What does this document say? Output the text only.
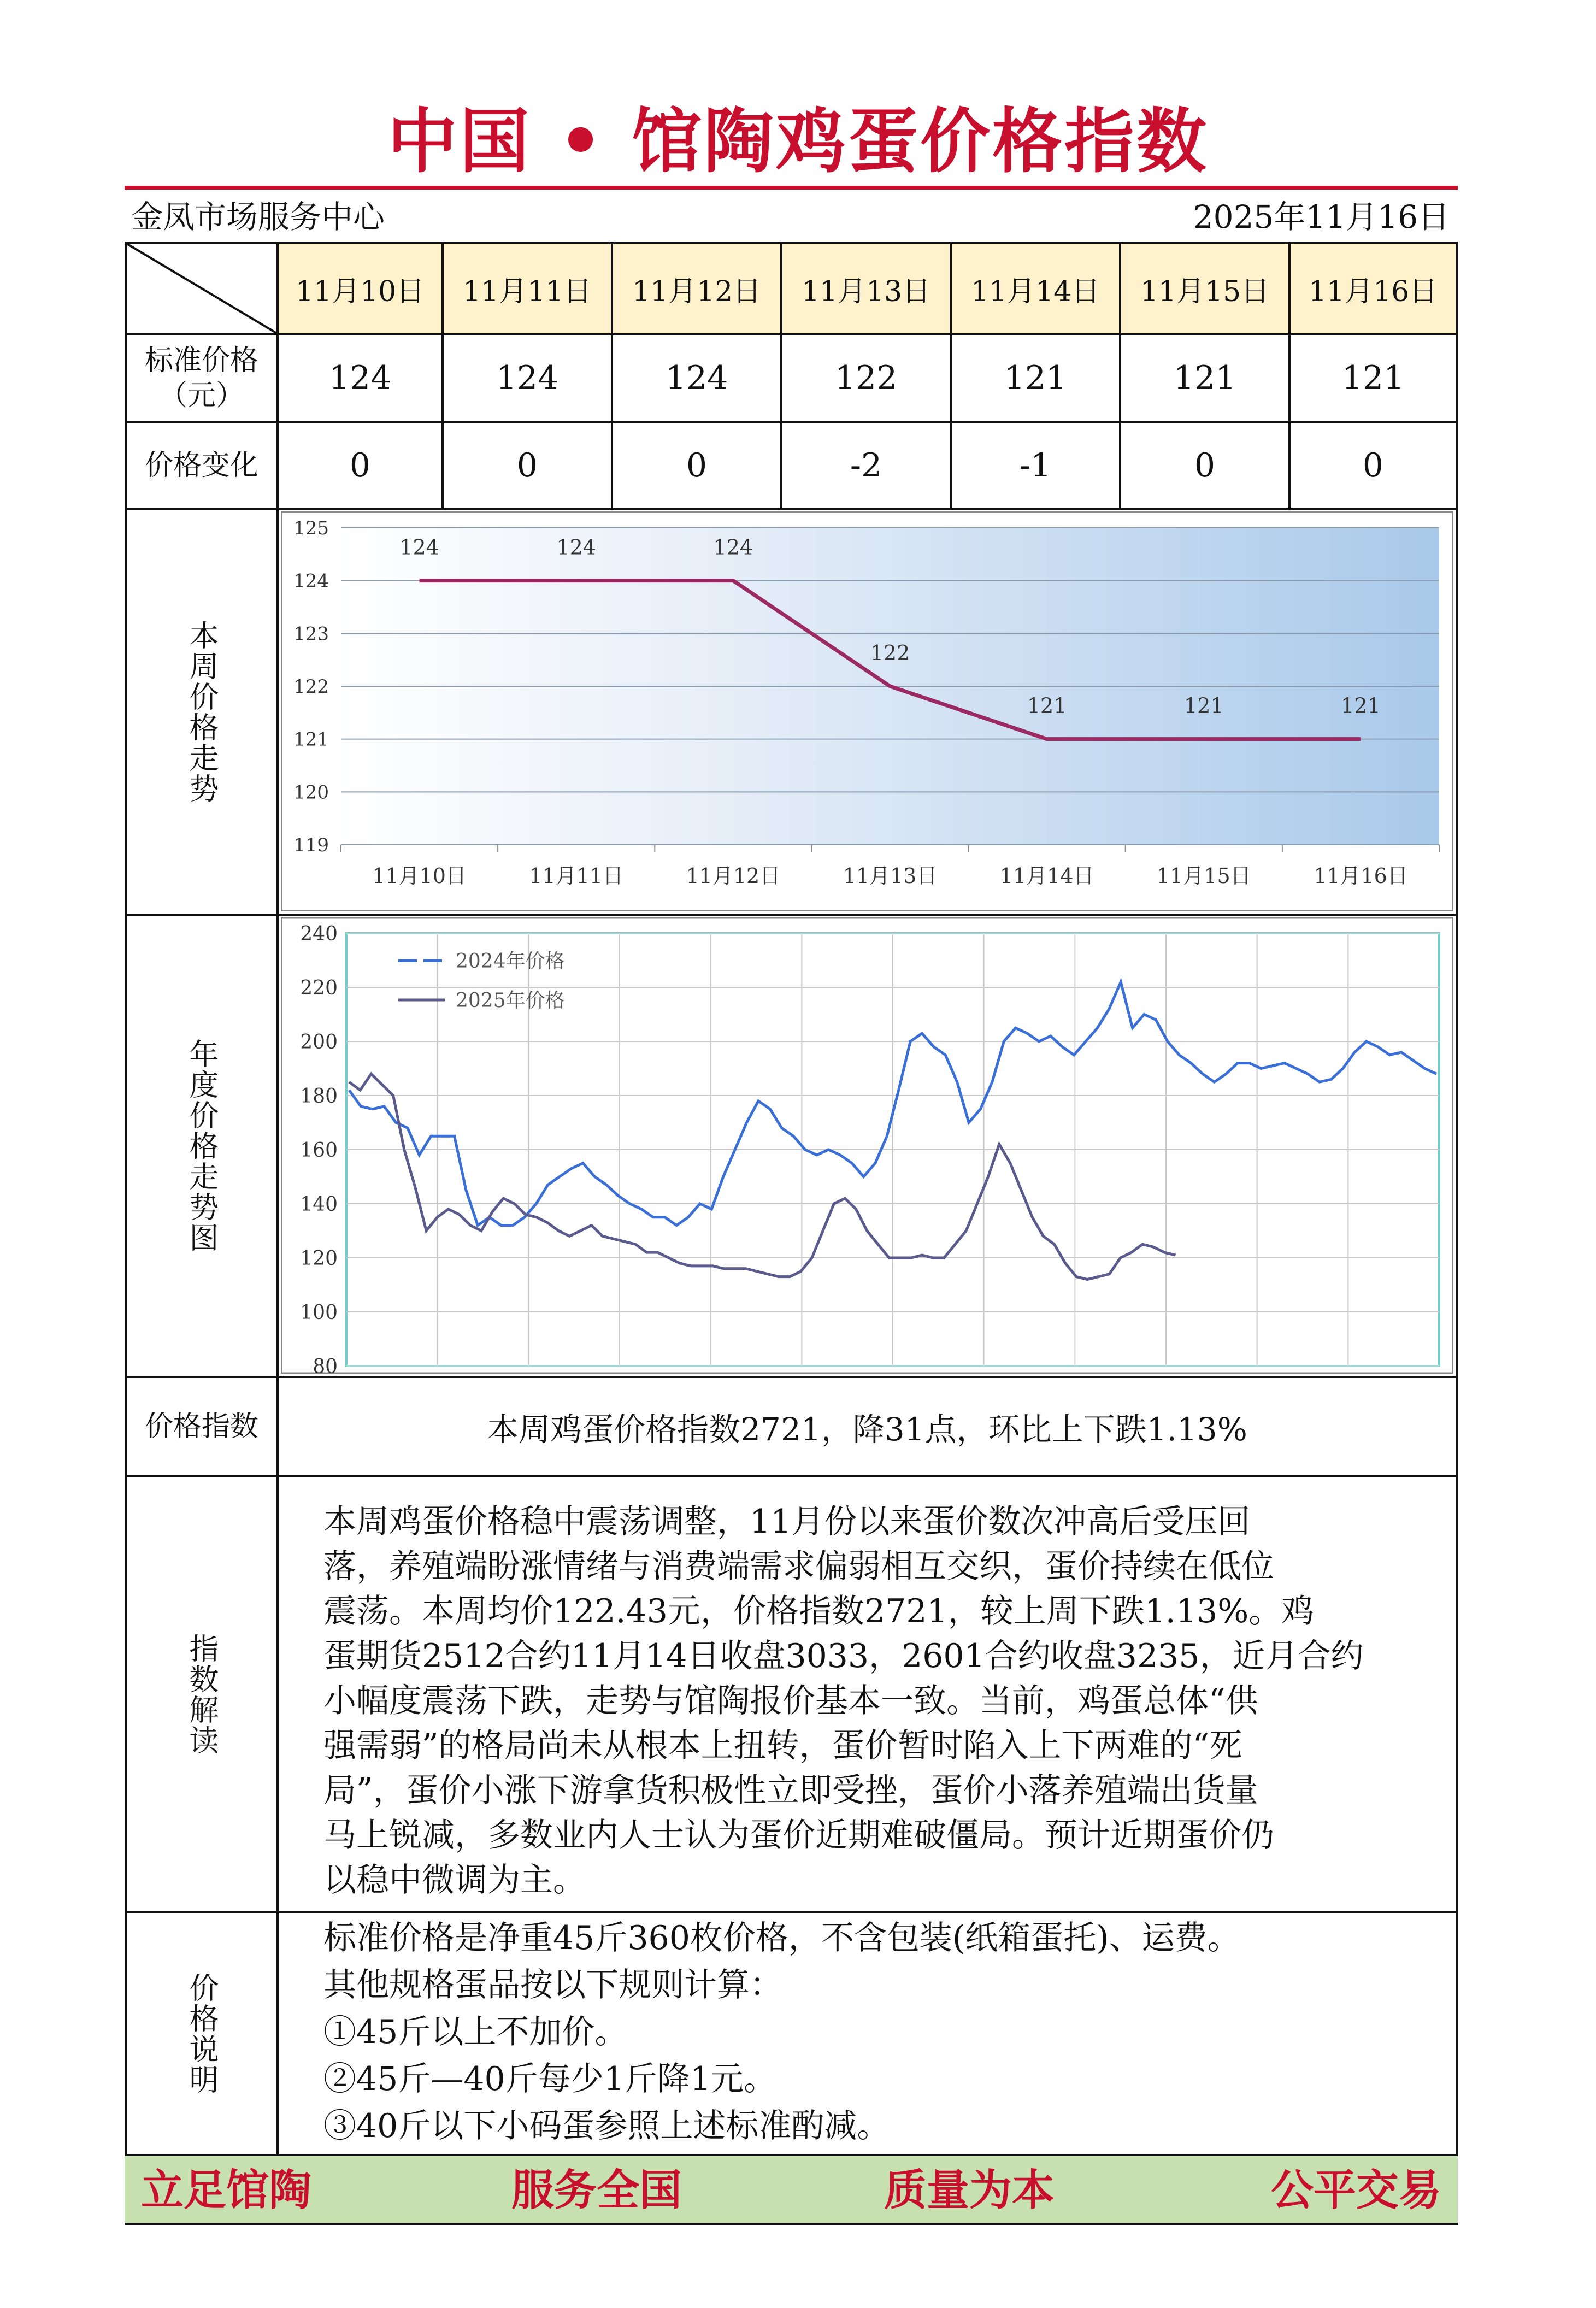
中国 • 馆陶鸡蛋价格指数
金凤市场服务中心	2025年11月16日
11月10日	11月11日	11月12日	11月13日	11月14日	11月15日	11月16日
标准价格（元）	124	124	124	122	121	121	121
价格变化	0	0	0	-2	-1	0	0
本周价格走势
119
120
121
122
123
124
125
11月10日	11月11日	11月12日	11月13日	11月14日	11月15日	11月16日
124	124	124
122
121	121	121
年度价格走势图
80
100
120
140
160
180
200
220
240
2024年价格
2025年价格
价格指数	本周鸡蛋价格指数2721，降31点，环比上下跌1.13%
指数解读
本周鸡蛋价格稳中震荡调整，11月份以来蛋价数次冲高后受压回
落，养殖端盼涨情绪与消费端需求偏弱相互交织，蛋价持续在低位
震荡。本周均价122.43元，价格指数2721，较上周下跌1.13%。鸡
蛋期货2512合约11月14日收盘3033，2601合约收盘3235，近月合约
小幅度震荡下跌，走势与馆陶报价基本一致。当前，鸡蛋总体“供
强需弱”的格局尚未从根本上扭转，蛋价暂时陷入上下两难的“死
局”，蛋价小涨下游拿货积极性立即受挫，蛋价小落养殖端出货量
马上锐减，多数业内人士认为蛋价近期难破僵局。预计近期蛋价仍
以稳中微调为主。
价格说明
标准价格是净重45斤360枚价格，不含包装(纸箱蛋托)、运费。
其他规格蛋品按以下规则计算：
①45斤以上不加价。
②45斤—40斤每少1斤降1元。
③40斤以下小码蛋参照上述标准酌减。
立足馆陶	服务全国	质量为本	公平交易
